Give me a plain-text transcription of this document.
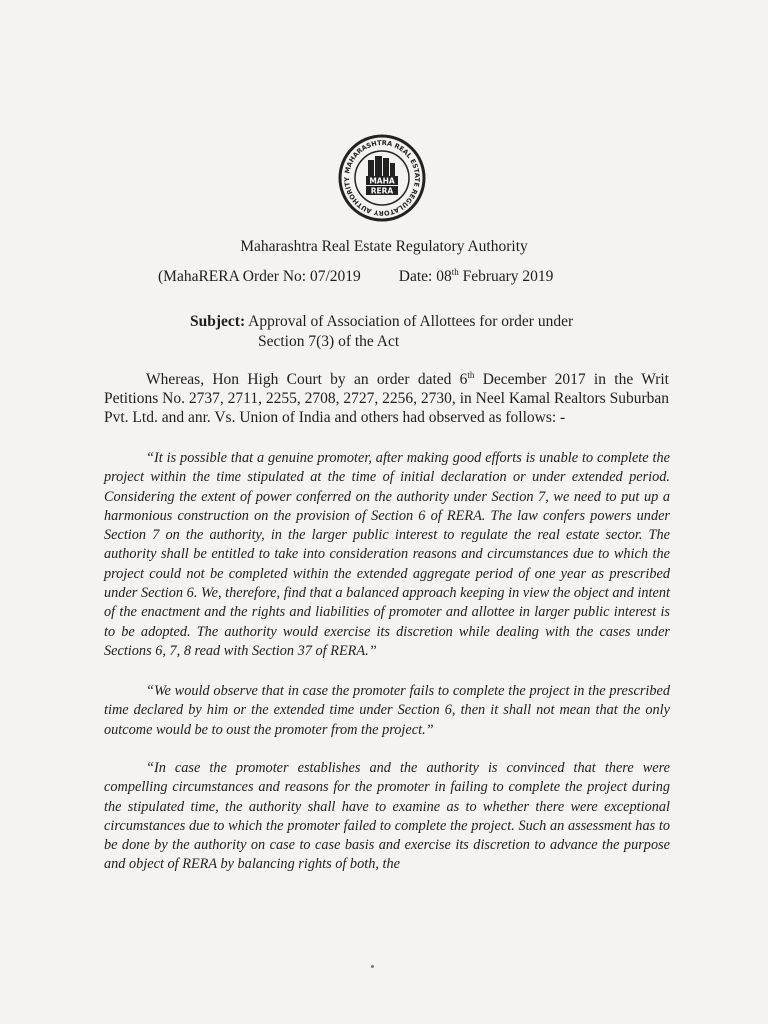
MAHARASHTRA REAL ESTATE REGULATORY AUTHORITY	MAHA
RERA
Maharashtra Real Estate Regulatory Authority
(MahaRERA Order No: 07/2019 Date: 08th February 2019
Subject: Approval of Association of Allottees for order under
Section 7(3) of the Act
Whereas, Hon High Court by an order dated 6th December 2017 in the Writ Petitions No. 2737, 2711, 2255, 2708, 2727, 2256, 2730, in Neel Kamal Realtors Suburban Pvt. Ltd. and anr. Vs. Union of India and others had observed as follows: -
“It is possible that a genuine promoter, after making good efforts is unable to complete the project within the time stipulated at the time of initial declaration or under extended period. Considering the extent of power conferred on the authority under Section 7, we need to put up a harmonious construction on the provision of Section 6 of RERA. The law confers powers under Section 7 on the authority, in the larger public interest to regulate the real estate sector. The authority shall be entitled to take into consideration reasons and circumstances due to which the project could not be completed within the extended aggregate period of one year as prescribed under Section 6. We, therefore, find that a balanced approach keeping in view the object and intent of the enactment and the rights and liabilities of promoter and allottee in larger public interest is to be adopted. The authority would exercise its discretion while dealing with the cases under Sections 6, 7, 8 read with Section 37 of RERA.”
“We would observe that in case the promoter fails to complete the project in the prescribed time declared by him or the extended time under Section 6, then it shall not mean that the only outcome would be to oust the promoter from the project.”
“In case the promoter establishes and the authority is convinced that there were compelling circumstances and reasons for the promoter in failing to complete the project during the stipulated time, the authority shall have to examine as to whether there were exceptional circumstances due to which the promoter failed to complete the project. Such an assessment has to be done by the authority on case to case basis and exercise its discretion to advance the purpose and object of RERA by balancing rights of both, the
